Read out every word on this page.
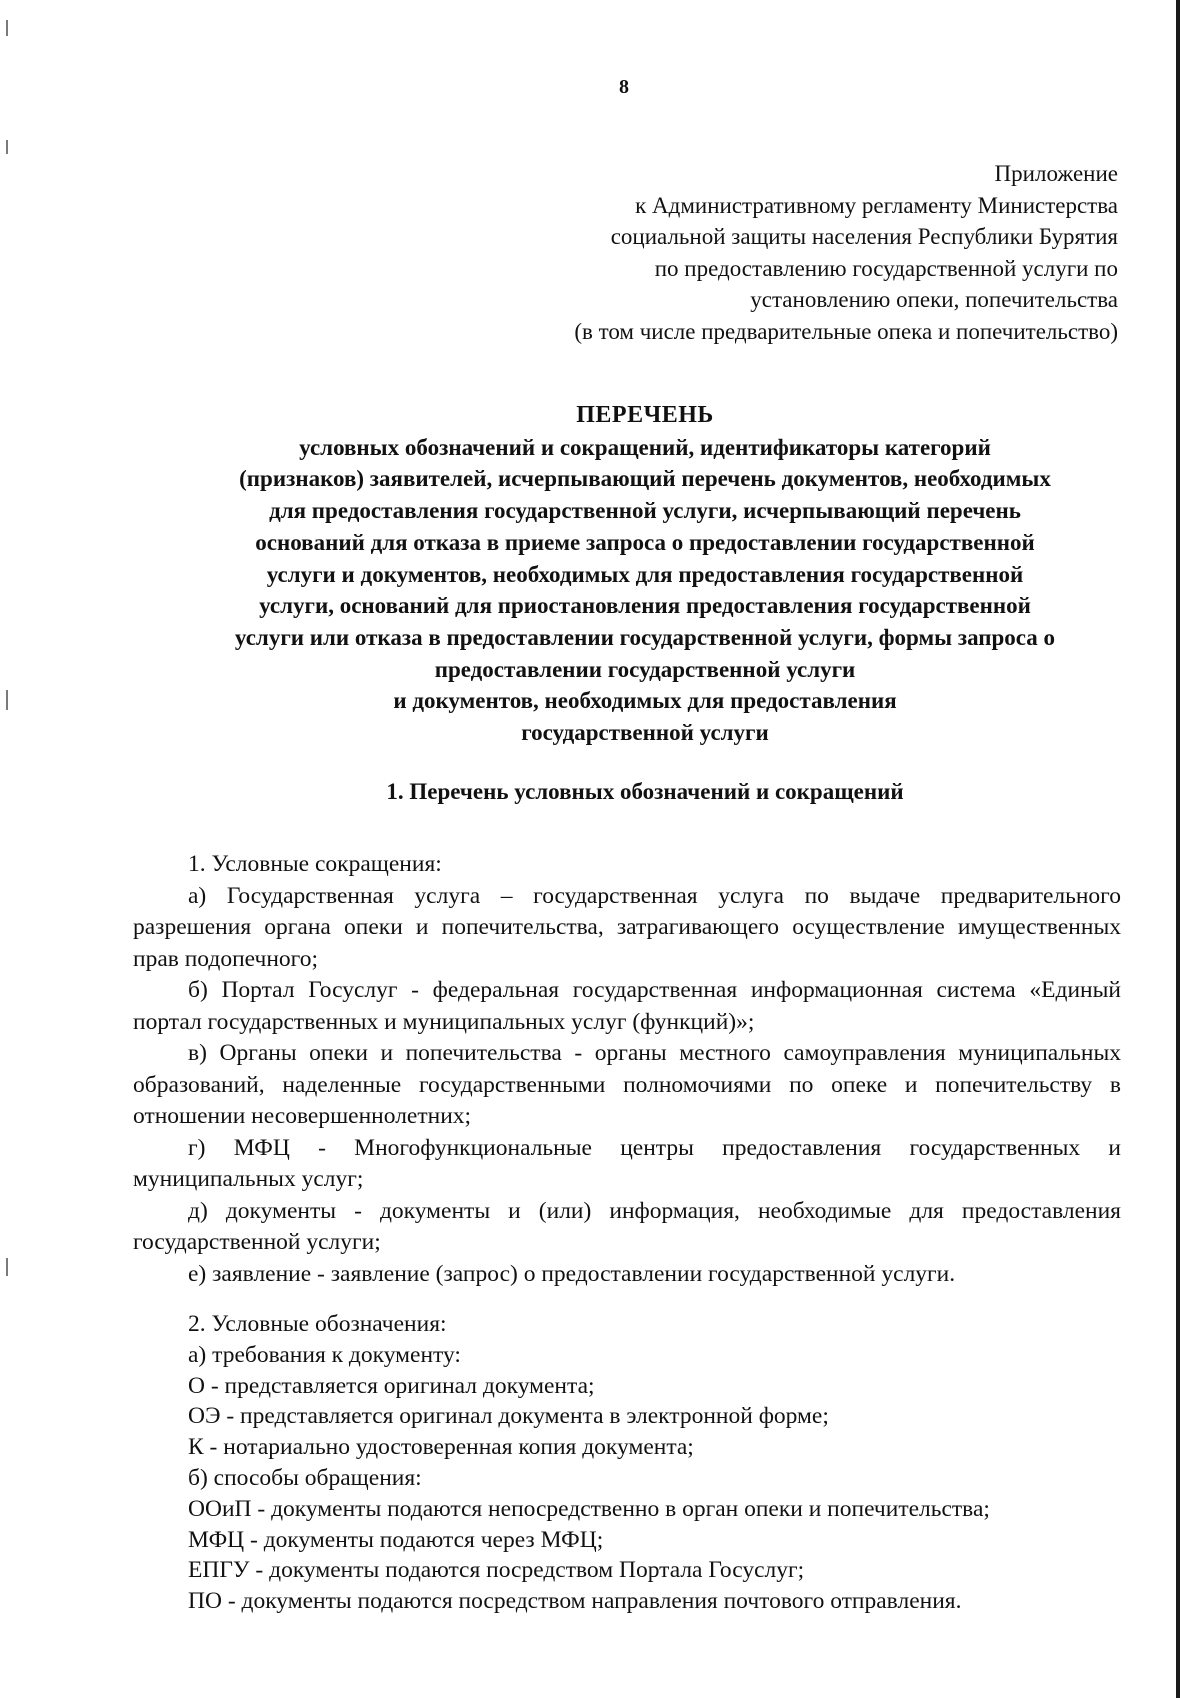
8
Приложение
к Административному регламенту Министерства
социальной защиты населения Республики Бурятия
по предоставлению государственной услуги по
установлению опеки, попечительства
(в том числе предварительные опека и попечительство)
ПЕРЕЧЕНЬ
условных обозначений и сокращений, идентификаторы категорий
(признаков) заявителей, исчерпывающий перечень документов, необходимых
для предоставления государственной услуги, исчерпывающий перечень
оснований для отказа в приеме запроса о предоставлении государственной
услуги и документов, необходимых для предоставления государственной
услуги, оснований для приостановления предоставления государственной
услуги или отказа в предоставлении государственной услуги, формы запроса о
предоставлении государственной услуги
и документов, необходимых для предоставления
государственной услуги
1. Перечень условных обозначений и сокращений

1. Условные сокращения:

а) Государственная услуга – государственная услуга по выдаче предварительного разрешения органа опеки и попечительства, затрагивающего осуществление имущественных прав подопечного;

б) Портал Госуслуг - федеральная государственная информационная система «Единый портал государственных и муниципальных услуг (функций)»;

в) Органы опеки и попечительства - органы местного самоуправления муниципальных образований, наделенные государственными полномочиями по опеке и попечительству в отношении несовершеннолетних;

г) МФЦ - Многофункциональные центры предоставления государственных и муниципальных услуг;

д) документы - документы и (или) информация, необходимые для предоставления государственной услуги;

е) заявление - заявление (запрос) о предоставлении государственной услуги.

2. Условные обозначения:
а) требования к документу:
О - представляется оригинал документа;
ОЭ - представляется оригинал документа в электронной форме;
К - нотариально удостоверенная копия документа;
б) способы обращения:
ООиП - документы подаются непосредственно в орган опеки и попечительства;
МФЦ - документы подаются через МФЦ;
ЕПГУ - документы подаются посредством Портала Госуслуг;
ПО - документы подаются посредством направления почтового отправления.
